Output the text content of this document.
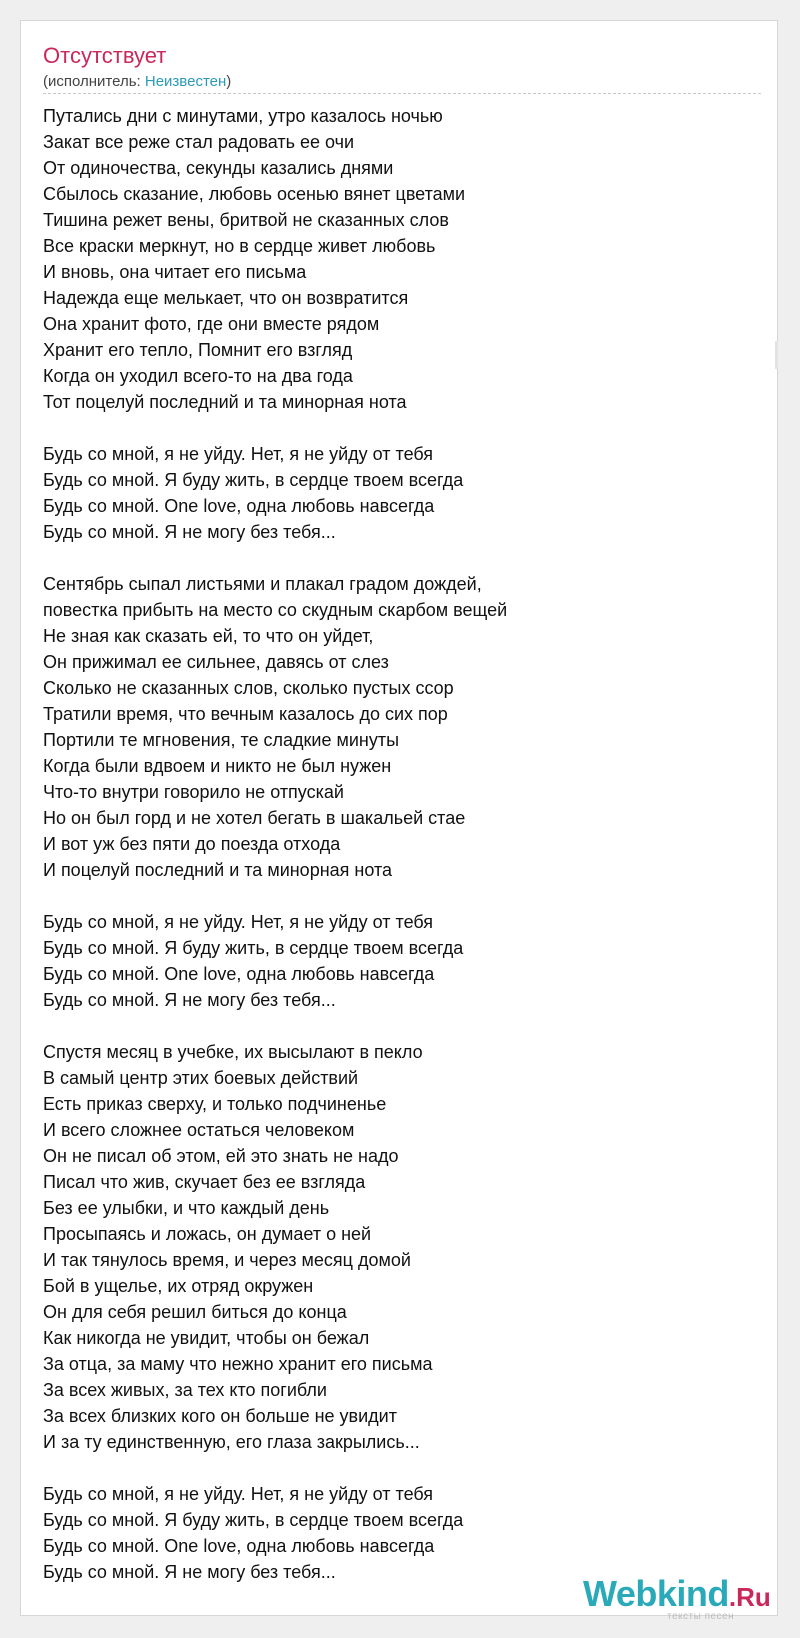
Отсутствует
(исполнитель: Неизвестен)
Путались дни с минутами, утро казалось ночью
Закат все реже стал радовать ее очи
От одиночества, секунды казались днями
Сбылось сказание, любовь осенью вянет цветами
Тишина режет вены, бритвой не сказанных слов
Все краски меркнут, но в сердце живет любовь
И вновь, она читает его письма
Надежда еще мелькает, что он возвратится
Она хранит фото, где они вместе рядом
Хранит его тепло, Помнит его взгляд
Когда он уходил всего-то на два года
Тот поцелуй последний и та минорная нота
Будь со мной, я не уйду. Нет, я не уйду от тебя
Будь со мной. Я буду жить, в сердце твоем всегда
Будь со мной. One love, одна любовь навсегда
Будь со мной. Я не могу без тебя...
Сентябрь сыпал листьями и плакал градом дождей,
повестка прибыть на место со скудным скарбом вещей
Не зная как сказать ей, то что он уйдет,
Он прижимал ее сильнее, давясь от слез
Сколько не сказанных слов, сколько пустых ссор
Тратили время, что вечным казалось до сих пор
Портили те мгновения, те сладкие минуты
Когда были вдвоем и никто не был нужен
Что-то внутри говорило не отпускай
Но он был горд и не хотел бегать в шакальей стае
И вот уж без пяти до поезда отхода
И поцелуй последний и та минорная нота
Будь со мной, я не уйду. Нет, я не уйду от тебя
Будь со мной. Я буду жить, в сердце твоем всегда
Будь со мной. One love, одна любовь навсегда
Будь со мной. Я не могу без тебя...
Спустя месяц в учебке, их высылают в пекло
В самый центр этих боевых действий
Есть приказ сверху, и только подчиненье
И всего сложнее остаться человеком
Он не писал об этом, ей это знать не надо
Писал что жив, скучает без ее взгляда
Без ее улыбки, и что каждый день
Просыпаясь и ложась, он думает о ней
И так тянулось время, и через месяц домой
Бой в ущелье, их отряд окружен
Он для себя решил биться до конца
Как никогда не увидит, чтобы он бежал
За отца, за маму что нежно хранит его письма
За всех живых, за тех кто погибли
За всех близких кого он больше не увидит
И за ту единственную, его глаза закрылись...
Будь со мной, я не уйду. Нет, я не уйду от тебя
Будь со мной. Я буду жить, в сердце твоем всегда
Будь со мной. One love, одна любовь навсегда
Будь со мной. Я не могу без тебя...
Webkind.Ru
тексты песен
